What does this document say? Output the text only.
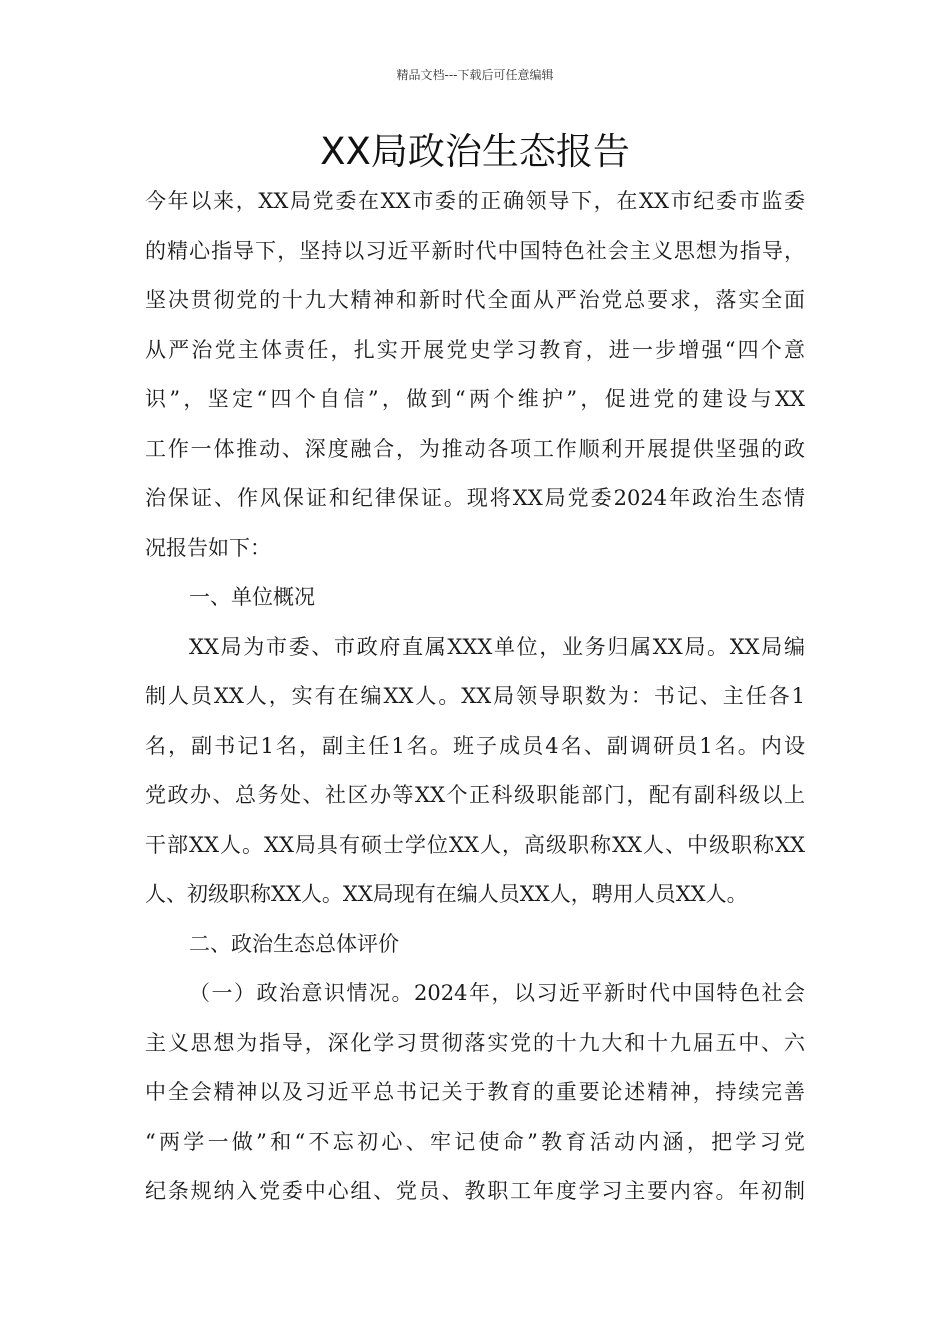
精品文档---下载后可任意编辑
XX局政治生态报告
今年以来，XX局党委在XX市委的正确领导下，在XX市纪委市监委
的精心指导下，坚持以习近平新时代中国特色社会主义思想为指导，
坚决贯彻党的十九大精神和新时代全面从严治党总要求，落实全面
从严治党主体责任，扎实开展党史学习教育，进一步增强“四个意
识”，坚定“四个自信”，做到“两个维护”，促进党的建设与XX
工作一体推动、深度融合，为推动各项工作顺利开展提供坚强的政
治保证、作风保证和纪律保证。现将XX局党委2024年政治生态情
况报告如下：
一、单位概况
XX局为市委、市政府直属XXX单位，业务归属XX局。XX局编
制人员XX人，实有在编XX人。XX局领导职数为：书记、主任各1
名，副书记1名，副主任1名。班子成员4名、副调研员1名。内设
党政办、总务处、社区办等XX个正科级职能部门，配有副科级以上
干部XX人。XX局具有硕士学位XX人，高级职称XX人、中级职称XX
人、初级职称XX人。XX局现有在编人员XX人，聘用人员XX人。
二、政治生态总体评价
（一）政治意识情况。2024年，以习近平新时代中国特色社会
主义思想为指导，深化学习贯彻落实党的十九大和十九届五中、六
中全会精神以及习近平总书记关于教育的重要论述精神，持续完善
“两学一做”和“不忘初心、牢记使命”教育活动内涵，把学习党
纪条规纳入党委中心组、党员、教职工年度学习主要内容。年初制
